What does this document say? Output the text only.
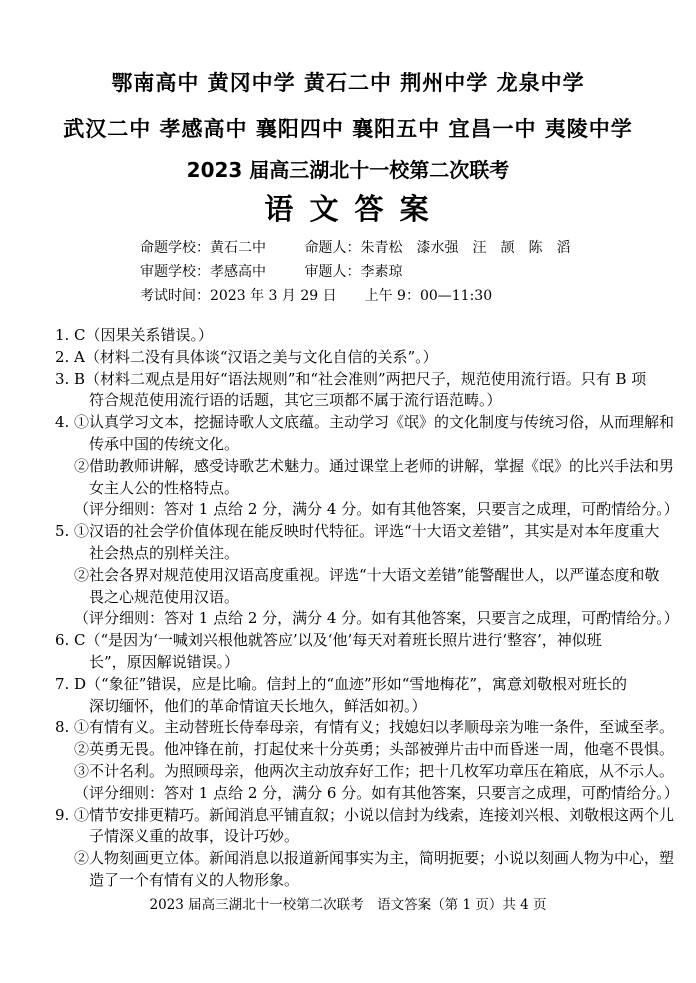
鄂南高中 黄冈中学 黄石二中 荆州中学 龙泉中学
武汉二中 孝感高中 襄阳四中 襄阳五中 宜昌一中 夷陵中学
2023 届高三湖北十一校第二次联考
语 文 答 案
命题学校：黄石二中	命题人：朱青松　漆水强　汪　颉　陈　滔
审题学校：孝感高中	审题人：李素琼
考试时间：2023 年 3 月 29 日　　上午 9：00—11:30
1. C（因果关系错误。）
2. A（材料二没有具体谈“汉语之美与文化自信的关系”。）
3. B（材料二观点是用好“语法规则”和“社会准则”两把尺子，规范使用流行语。只有 B 项
符合规范使用流行语的话题，其它三项都不属于流行语范畴。）
4. ①认真学习文本，挖掘诗歌人文底蕴。主动学习《氓》的文化制度与传统习俗，从而理解和
传承中国的传统文化。
②借助教师讲解，感受诗歌艺术魅力。通过课堂上老师的讲解，掌握《氓》的比兴手法和男
女主人公的性格特点。
（评分细则：答对 1 点给 2 分，满分 4 分。如有其他答案，只要言之成理，可酌情给分。）
5. ①汉语的社会学价值体现在能反映时代特征。评选“十大语文差错”，其实是对本年度重大
社会热点的别样关注。
②社会各界对规范使用汉语高度重视。评选“十大语文差错”能警醒世人，以严谨态度和敬
畏之心规范使用汉语。
（评分细则：答对 1 点给 2 分，满分 4 分。如有其他答案，只要言之成理，可酌情给分。）
6. C（“是因为‘一喊刘兴根他就答应’以及‘他’每天对着班长照片进行‘整容’，神似班
长”，原因解说错误。）
7. D（“象征”错误，应是比喻。信封上的“血迹”形如“雪地梅花”，寓意刘敬根对班长的
深切缅怀，他们的革命情谊天长地久，鲜活如初。）
8. ①有情有义。主动替班长侍奉母亲，有情有义；找媳妇以孝顺母亲为唯一条件，至诚至孝。
②英勇无畏。他冲锋在前，打起仗来十分英勇；头部被弹片击中而昏迷一周，他毫不畏惧。
③不计名利。为照顾母亲，他两次主动放弃好工作；把十几枚军功章压在箱底，从不示人。
（评分细则：答对 1 点给 2 分，满分 6 分。如有其他答案，只要言之成理，可酌情给分。）
9. ①情节安排更精巧。新闻消息平铺直叙；小说以信封为线索，连接刘兴根、刘敬根这两个儿
子情深义重的故事，设计巧妙。
②人物刻画更立体。新闻消息以报道新闻事实为主，简明扼要；小说以刻画人物为中心，塑
造了一个有情有义的人物形象。
2023 届高三湖北十一校第二次联考　语文答案（第 1 页）共 4 页
